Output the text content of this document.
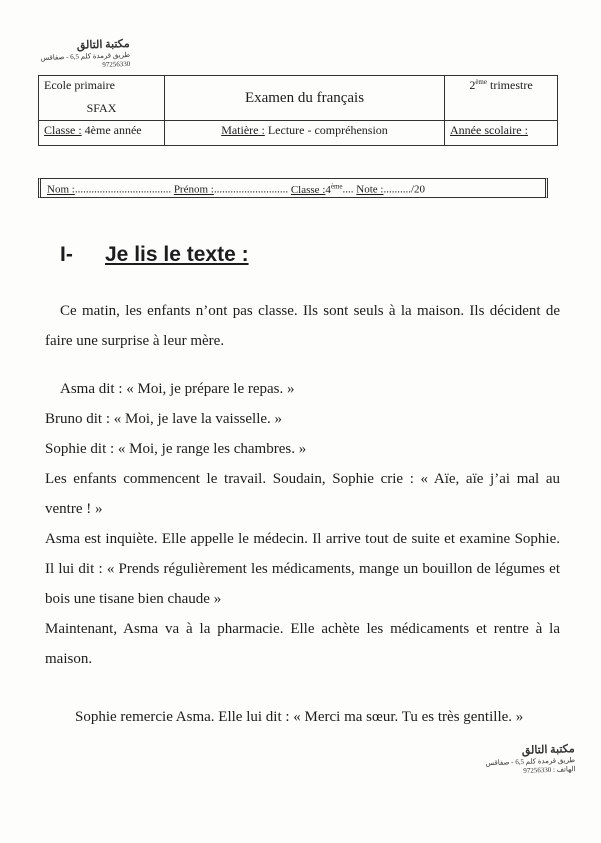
مكتبة التالق
طريق قرمدة كلم 6,5 - صفاقس
97256330
Ecole primaire
SFAX	Examen du français	2ème trimestre
Classe : 4ème année	Matière : Lecture - compréhension	Année scolaire :
Nom :................................... Prénom :........................... Classe :4ème.... Note :........../20
I- Je lis le texte :

Ce matin, les enfants n’ont pas classe. Ils sont seuls à la maison. Ils décident de faire une surprise à leur mère.

Asma dit : « Moi, je prépare le repas. »

Bruno dit : « Moi, je lave la vaisselle. »

Sophie dit : « Moi, je range les chambres. »

Les enfants commencent le travail. Soudain, Sophie crie : « Aïe, aïe j’ai mal au ventre ! »

Asma est inquiète. Elle appelle le médecin. Il arrive tout de suite et examine Sophie. Il lui dit : « Prends régulièrement les médicaments, mange un bouillon de légumes et bois une tisane bien chaude »

Maintenant, Asma va à la pharmacie. Elle achète les médicaments et rentre à la maison.

Sophie remercie Asma. Elle lui dit : « Merci ma sœur. Tu es très gentille. »

مكتبة التالق
طريق قرمدة كلم 6,5 - صفاقس
الهاتف : 97256330
